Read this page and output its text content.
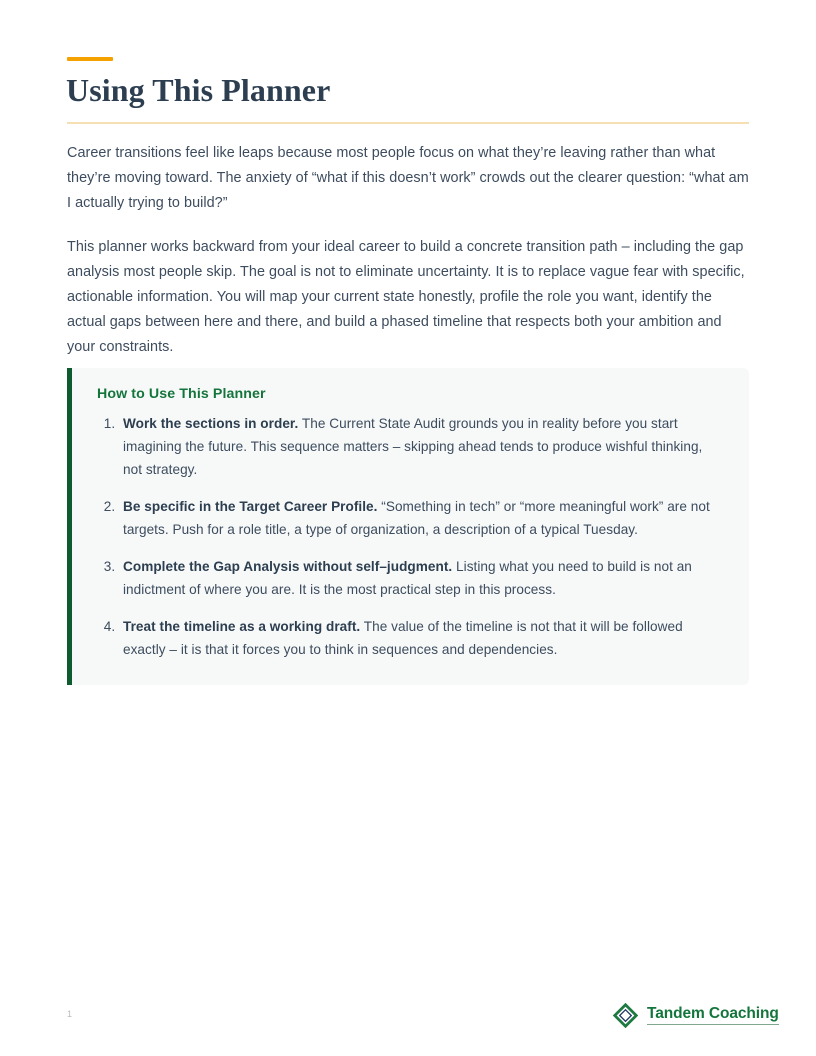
Using This Planner

Career transitions feel like leaps because most people focus on what they’re leaving rather than what they’re moving toward. The anxiety of “what if this doesn’t work” crowds out the clearer question: “what am I actually trying to build?”

This planner works backward from your ideal career to build a concrete transition path – including the gap analysis most people skip. The goal is not to eliminate uncertainty. It is to replace vague fear with specific, actionable information. You will map your current state honestly, profile the role you want, identify the actual gaps between here and there, and build a phased timeline that respects both your ambition and your constraints.

How to Use This Planner
1. Work the sections in order. The Current State Audit grounds you in reality before you start imagining the future. This sequence matters – skipping ahead tends to produce wishful thinking, not strategy.
2. Be specific in the Target Career Profile. “Something in tech” or “more meaningful work” are not targets. Push for a role title, a type of organization, a description of a typical Tuesday.
3. Complete the Gap Analysis without self–judgment. Listing what you need to build is not an indictment of where you are. It is the most practical step in this process.
4. Treat the timeline as a working draft. The value of the timeline is not that it will be followed exactly – it is that it forces you to think in sequences and dependencies.
1	Tandem Coaching
